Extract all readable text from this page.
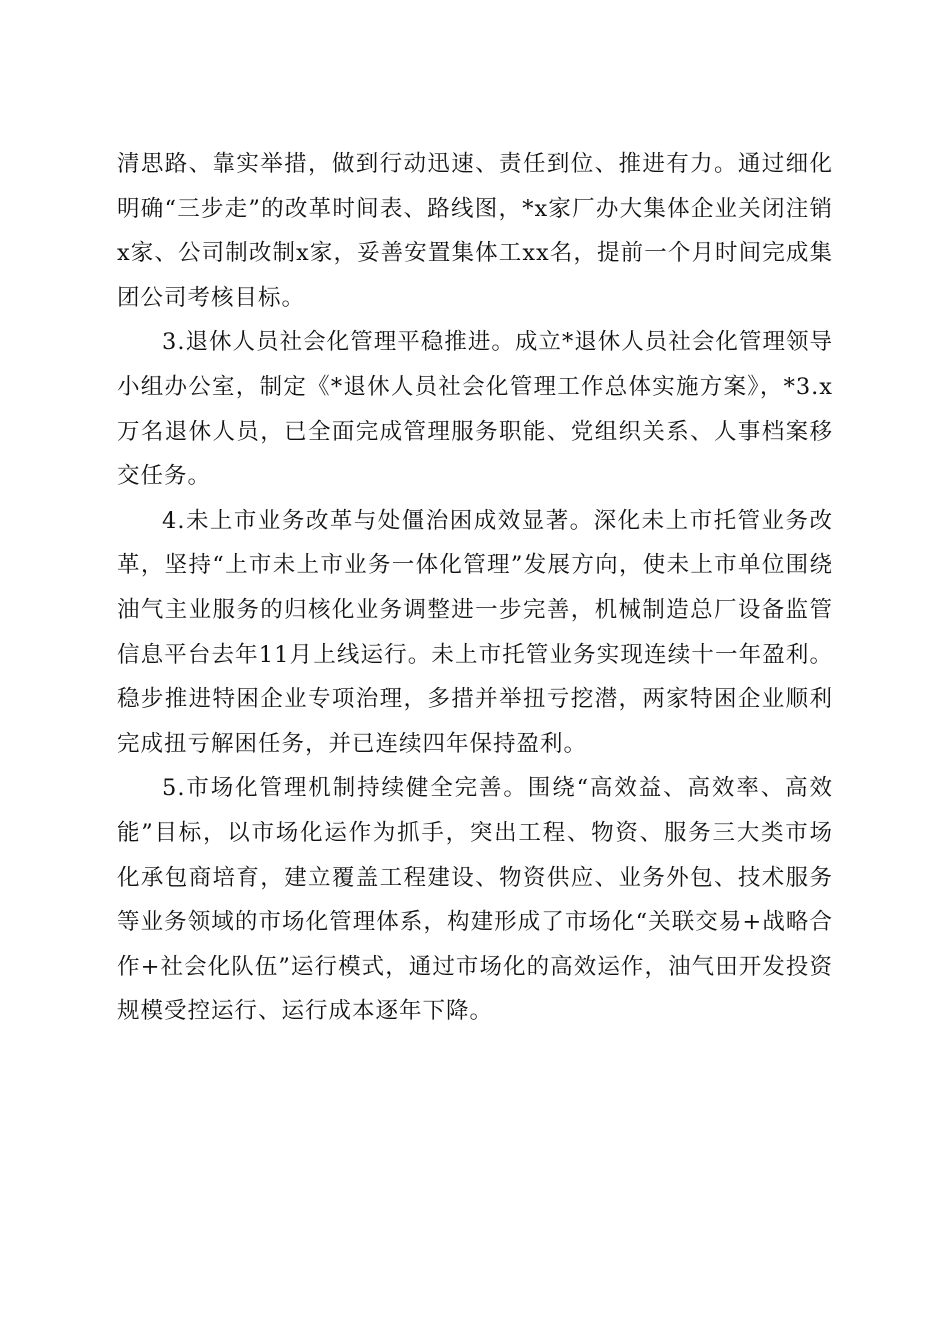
清思路、靠实举措，做到行动迅速、责任到位、推进有力。通过细化明确“三步走”的改革时间表、路线图，*x家厂办大集体企业关闭注销x家、公司制改制x家，妥善安置集体工xx名，提前一个月时间完成集团公司考核目标。

3.退休人员社会化管理平稳推进。成立*退休人员社会化管理领导小组办公室，制定《*退休人员社会化管理工作总体实施方案》，*3.x万名退休人员，已全面完成管理服务职能、党组织关系、人事档案移交任务。

4.未上市业务改革与处僵治困成效显著。深化未上市托管业务改革，坚持“上市未上市业务一体化管理”发展方向，使未上市单位围绕油气主业服务的归核化业务调整进一步完善，机械制造总厂设备监管信息平台去年11月上线运行。未上市托管业务实现连续十一年盈利。稳步推进特困企业专项治理，多措并举扭亏挖潜，两家特困企业顺利完成扭亏解困任务，并已连续四年保持盈利。

5.市场化管理机制持续健全完善。围绕“高效益、高效率、高效能”目标，以市场化运作为抓手，突出工程、物资、服务三大类市场化承包商培育，建立覆盖工程建设、物资供应、业务外包、技术服务等业务领域的市场化管理体系，构建形成了市场化“关联交易+战略合作+社会化队伍”运行模式，通过市场化的高效运作，油气田开发投资规模受控运行、运行成本逐年下降。
